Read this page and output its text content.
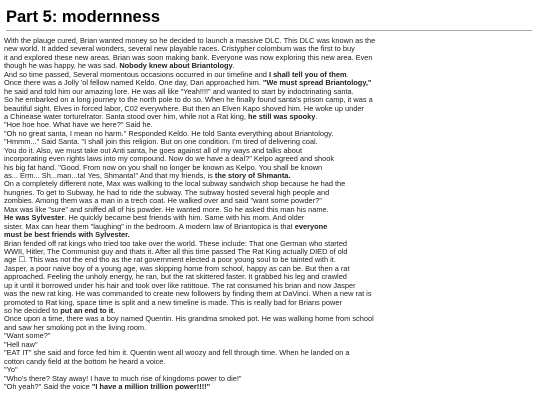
Part 5: modernness
With the plauge cured, Brian wanted money so he decided to launch a massive DLC. This DLC was known as the
new world. It added several wonders, several new playable races. Cristypher colombum was the first to buy
it and explored these new areas. Brian was soon making bank. Everyone was now exploring this new area. Even
though he was happy, he was sad. Nobody knew about Briantology.
And so time passed, Several momentous occasions occurred in our timeline and I shall tell you of them.
Once there was a Jolly 'ol fellow named Keldo. One day, Dan approached him. "We must spread Briantology,"
he said and told him our amazing lore. He was all like "Yeah!!!!" and wanted to start by indoctrinating santa.
So he embarked on a long journey to the north pole to do so. When he finally found santa's prison camp, it was a
beautiful sight. Elves in forced labor, C02 everywhere. But then an Elven Kapo shoved him. He woke up under
a Chinease water torturelrator. Santa stood over him, while not a Rat king, he still was spooky.
"Hoe hoe hoe. What have we here?" Said he.
"Oh no great santa, I mean no harm." Responded Keldo. He told Santa everything about Briantology.
"Hmmm..." Said Santa. "I shall join this religion. But on one condition. I'm tired of delivering coal.
You do it. Also, we must take out Anti santa, he goes against all of my ways and talks about
incorporating even rights laws into my compound. Now do we have a deal?" Kelpo agreed and shook
his big fat hand. "Good. From now on you shall no longer be known as Kelpo. You shall be known
as... Erm... Sh...man...ta! Yes, Shmanta!" And that my friends, is the story of Shmanta.
On a completely different note, Max was walking to the local subway sandwich shop because he had the
hungries. To get to Subway, he had to ride the subway. The subway hosted several high people and
zombies. Among them was a man in a trech coat. He walked over and said "want some powder?"
Max was like "sure" and sniffed all of his powder. He wanted more. So he asked this man his name.
He was Sylvester. He quickly became best friends with him. Same with his mom. And older
sister. Max can hear them "laughing" in the bedroom. A modern law of Briantopica is that everyone
must be best friends with Sylvester.
Brian fended off rat kings who tried too take over the world. These include: That one German who started
WWII, Hitler, The Communist guy and thats it. After all this time passed The Rat King actually DIED of old
age ☐. This was not the end tho as the rat government elected a poor young soul to be tainted with it.
Jasper, a poor naive boy of a young age, was skipping home from school, happy as can be. But then a rat
approached. Feeling the unholy energy, he ran, but the rat skittered faster. It grabbed his leg and crawled
up it until it borrowed under his hair and took over like ratittoue. The rat consumed his brian and now Jasper
was the new rat king. He was commanded to create new followers by finding them at DaVinci. When a new rat is
promoted to Rat king, space time is split and a new timeline is made. This is really bad for Brians power
so he decided to put an end to it.
Once upon a time, there was a boy named Quentin. His grandma smoked pot. He was walking home from school
and saw her smoking pot in the living room.
"Want some?"
"Hell naw"
"EAT IT" she said and force fed him it. Quentin went all woozy and fell through time. When he landed on a
cotton candy field at the bottom he heard a voice.
"Yo"
"Who's there? Stay away! I have to much rise of kingdoms power to die!"
"Oh yeah?" Said the voice "I have a million trillion power!!!!"
